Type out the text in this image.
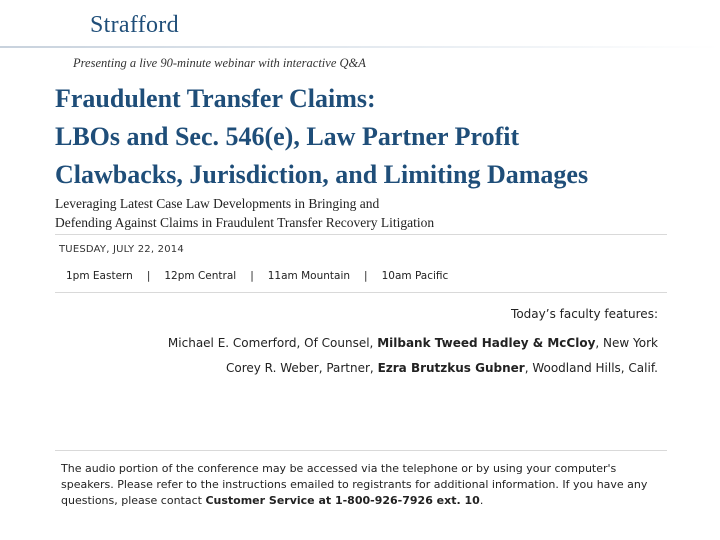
Strafford
Presenting a live 90-minute webinar with interactive Q&A
Fraudulent Transfer Claims:
LBOs and Sec. 546(e), Law Partner Profit
Clawbacks, Jurisdiction, and Limiting Damages
Leveraging Latest Case Law Developments in Bringing and
Defending Against Claims in Fraudulent Transfer Recovery Litigation
TUESDAY, JULY 22, 2014
1pm Eastern | 12pm Central | 11am Mountain | 10am Pacific
Today’s faculty features:
Michael E. Comerford, Of Counsel, Milbank Tweed Hadley & McCloy, New York
Corey R. Weber, Partner, Ezra Brutzkus Gubner, Woodland Hills, Calif.
The audio portion of the conference may be accessed via the telephone or by using your computer's speakers. Please refer to the instructions emailed to registrants for additional information. If you have any questions, please contact Customer Service at 1-800-926-7926 ext. 10.
